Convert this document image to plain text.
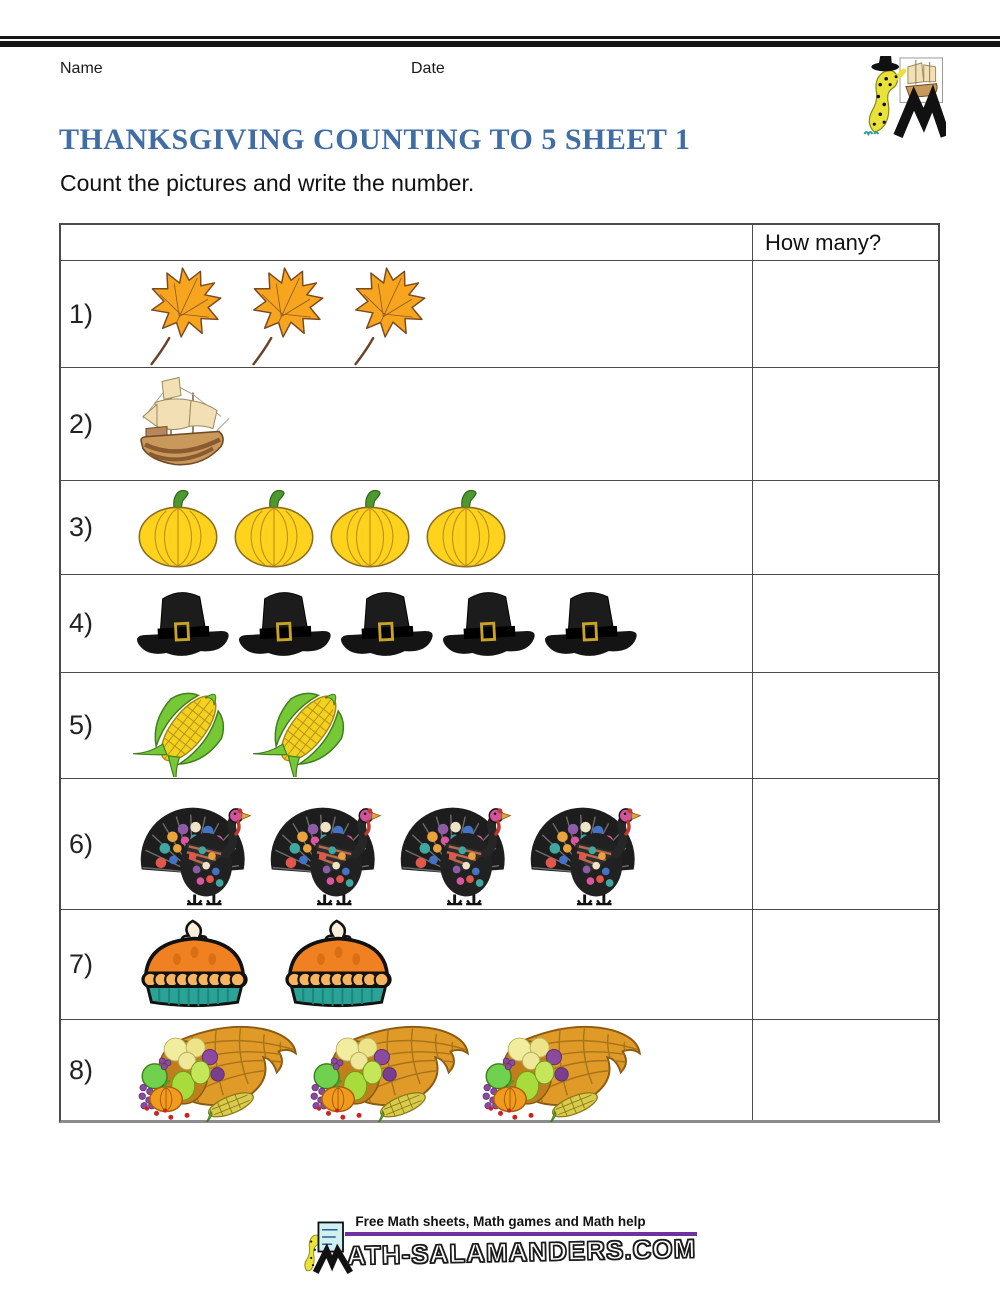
Name	Date
THANKSGIVING COUNTING TO 5 SHEET 1
Count the pictures and write the number.
How many?
1)
2)
3)
4)
5)
6)
7)
8)
Free Math sheets, Math games and Math help
ATH-SALAMANDERS.COM
